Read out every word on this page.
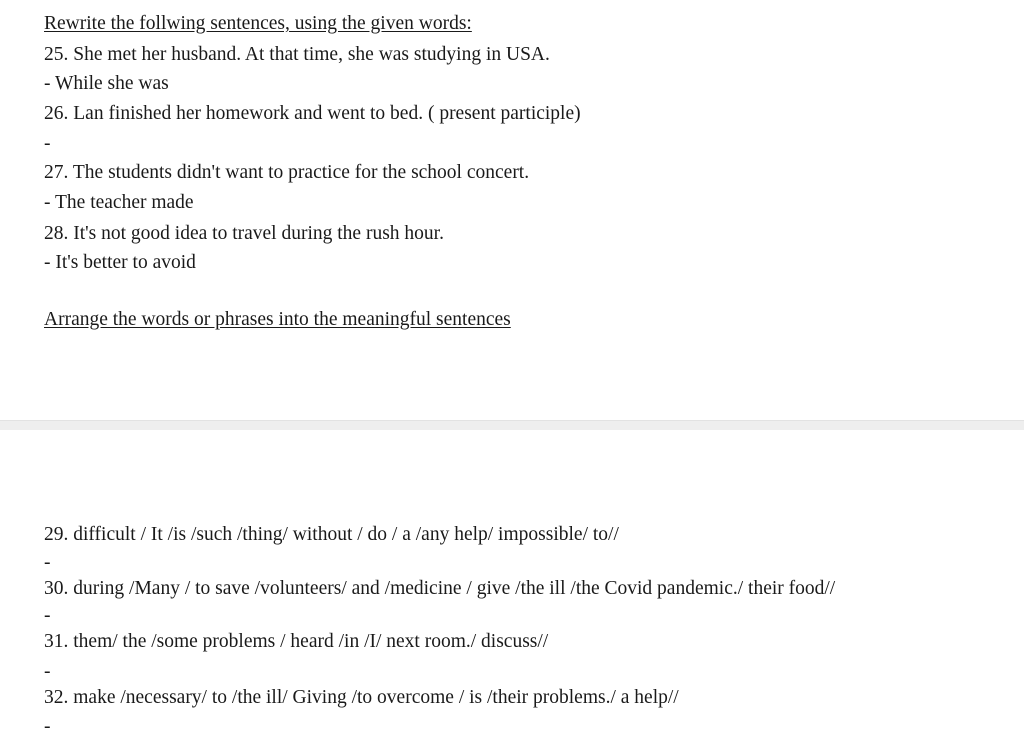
Rewrite the follwing sentences, using the given words:
25. She met her husband. At that time, she was studying in USA.
- While she was
26. Lan finished her homework and went to bed. ( present participle)
-
27. The students didn't want to practice for the school concert.
- The teacher made
28. It's not good idea to travel during the rush hour.
- It's better to avoid
Arrange the words or phrases into the meaningful sentences
29. difficult / It /is /such /thing/ without / do / a /any help/ impossible/ to//
-
30. during /Many / to save /volunteers/ and /medicine / give /the ill /the Covid pandemic./ their food//
-
31. them/ the /some problems / heard /in /I/ next room./ discuss//
-
32. make /necessary/ to /the ill/ Giving /to overcome / is /their problems./ a help//
-
